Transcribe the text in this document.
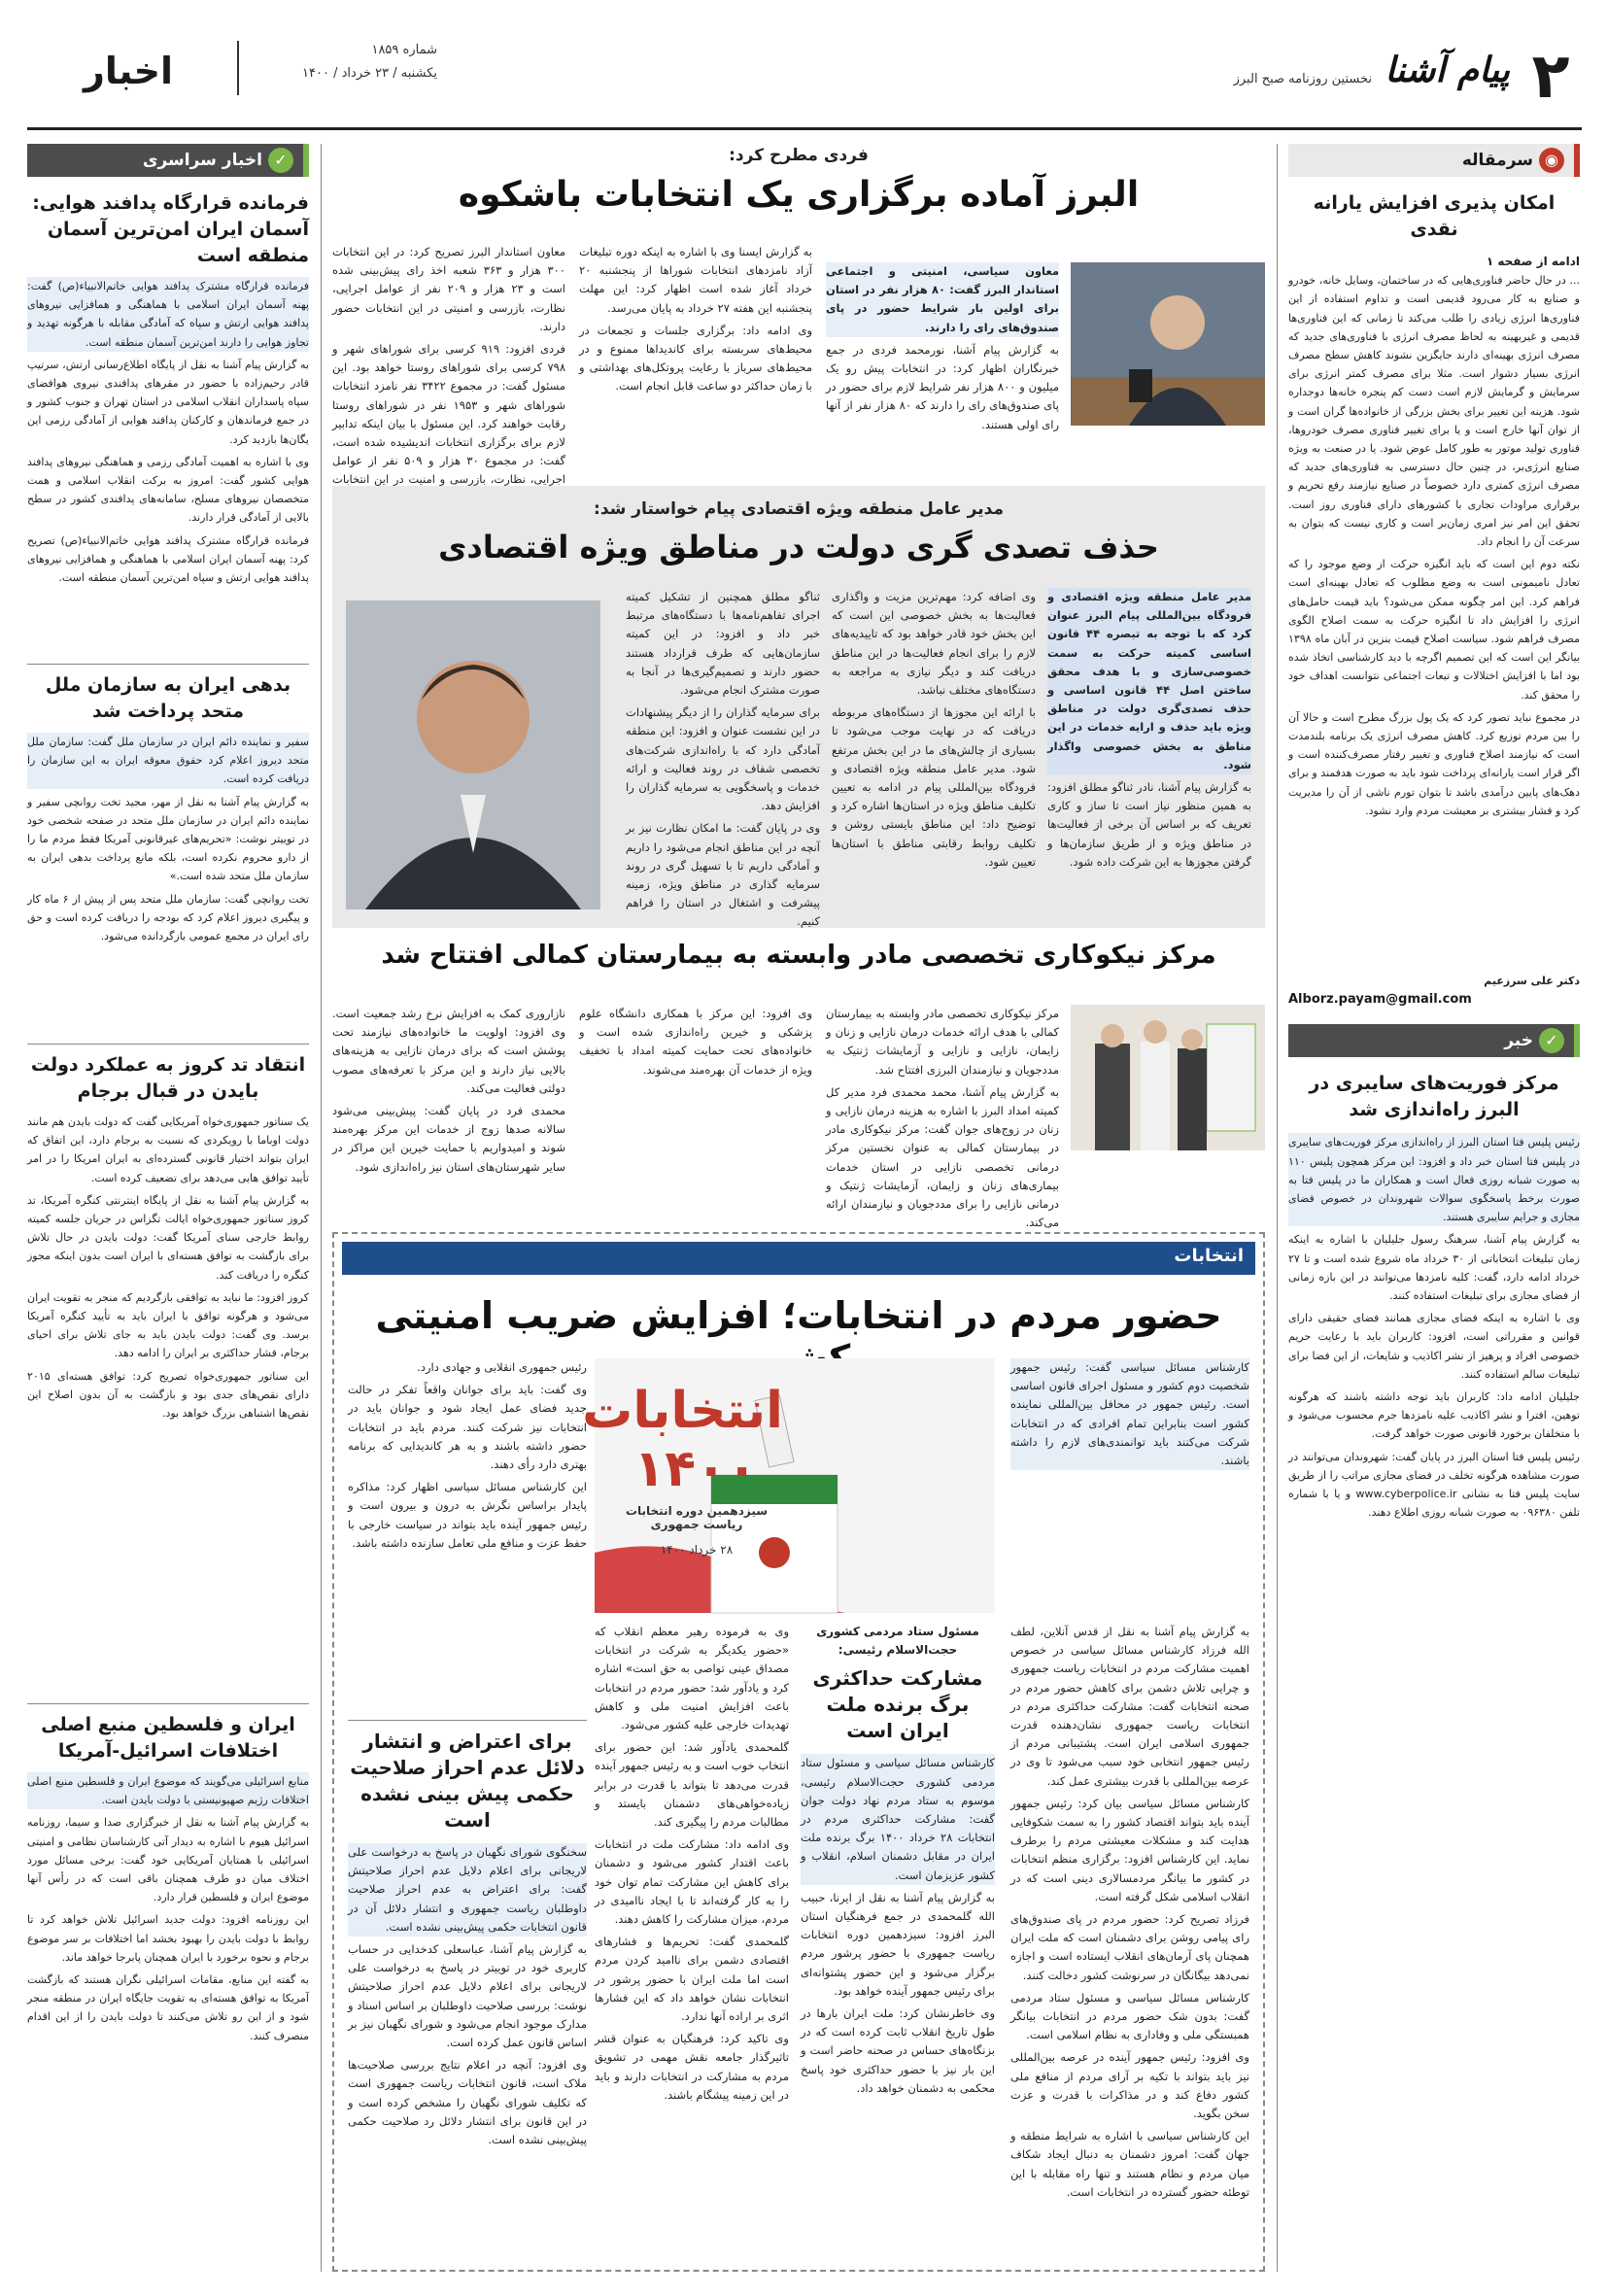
۲
پیام آشنا
نخستین روزنامه صبح البرز
شماره ۱۸۵۹
یکشنبه / ۲۳ خرداد / ۱۴۰۰
اخبار
◉سرمقاله
امکان پذیری افزایش یارانه نقدی
ادامه از صفحه ۱

... در حال حاضر فناوری‌هایی که در ساختمان، وسایل خانه، خودرو و صنایع به کار می‌رود قدیمی است و تداوم استفاده از این فناوری‌ها انرژی زیادی را طلب می‌کند تا زمانی که این فناوری‌ها قدیمی و غیربهینه به لحاظ مصرف انرژی با فناوری‌های جدید که مصرف انرژی بهینه‌ای دارند جایگزین نشوند کاهش سطح مصرف انرژی بسیار دشوار است. مثلا برای مصرف کمتر انرژی برای سرمایش و گرمایش لازم است دست کم پنجره خانه‌ها دوجداره شود. هزینه این تغییر برای بخش بزرگی از خانواده‌ها گران است و از توان آنها خارج است و یا برای تغییر فناوری مصرف خودروها، فناوری تولید موتور به طور کامل عوض شود. یا در صنعت به ویژه صنایع انرژی‌بر، در چنین حال دسترسی به فناوری‌های جدید که مصرف انرژی کمتری دارد خصوصاً در صنایع نیازمند رفع تحریم و برقراری مراودات تجاری با کشورهای دارای فناوری روز است. تحقق این امر نیز امری زمان‌بر است و کاری نیست که بتوان به سرعت آن را انجام داد.

نکته دوم این است که باید انگیزه حرکت از وضع موجود را که تعادل نامیمونی است به وضع مطلوب که تعادل بهینه‌ای است فراهم کرد. این امر چگونه ممکن می‌شود؟ باید قیمت حامل‌های انرژی را افزایش داد تا انگیزه حرکت به سمت اصلاح الگوی مصرف فراهم شود. سیاست اصلاح قیمت بنزین در آبان ماه ۱۳۹۸ بیانگر این است که این تصمیم اگرچه با دید کارشناسی اتخاذ شده بود اما با افزایش اختلالات و تبعات اجتماعی نتوانست اهداف خود را محقق کند.

در مجموع نباید تصور کرد که یک پول بزرگ مطرح است و حالا آن را بین مردم توزیع کرد. کاهش مصرف انرژی یک برنامه بلندمدت است که نیازمند اصلاح فناوری و تغییر رفتار مصرف‌کننده است و اگر قرار است یارانه‌ای پرداخت شود باید به صورت هدفمند و برای دهک‌های پایین درآمدی باشد تا بتوان تورم ناشی از آن را مدیریت کرد و فشار بیشتری بر معیشت مردم وارد نشود.

دکتر علی سرزعیم
Alborz.payam@gmail.com
✓خبر
مرکز فوریت‌های سایبری در البرز راه‌اندازی شد

رئیس پلیس فتا استان البرز از راه‌اندازی مرکز فوریت‌های سایبری در پلیس فتا استان خبر داد و افزود: این مرکز همچون پلیس ۱۱۰ به صورت شبانه روزی فعال است و همکاران ما در پلیس فتا به صورت برخط پاسخگوی سوالات شهروندان در خصوص فضای مجازی و جرایم سایبری هستند.

به گزارش پیام آشنا، سرهنگ رسول جلیلیان با اشاره به اینکه زمان تبلیغات انتخاباتی از ۳۰ خرداد ماه شروع شده است و تا ۲۷ خرداد ادامه دارد، گفت: کلیه نامزدها می‌توانند در این بازه زمانی از فضای مجازی برای تبلیغات استفاده کنند.

وی با اشاره به اینکه فضای مجازی همانند فضای حقیقی دارای قوانین و مقرراتی است، افزود: کاربران باید با رعایت حریم خصوصی افراد و پرهیز از نشر اکاذیب و شایعات، از این فضا برای تبلیغات سالم استفاده کنند.

جلیلیان ادامه داد: کاربران باید توجه داشته باشند که هرگونه توهین، افترا و نشر اکاذیب علیه نامزدها جرم محسوب می‌شود و با متخلفان برخورد قانونی صورت خواهد گرفت.

رئیس پلیس فتا استان البرز در پایان گفت: شهروندان می‌توانند در صورت مشاهده هرگونه تخلف در فضای مجازی مراتب را از طریق سایت پلیس فتا به نشانی www.cyberpolice.ir و یا با شماره تلفن ۰۹۶۳۸۰ به صورت شبانه روزی اطلاع دهند.

✓اخبار سراسری
فرمانده قرارگاه پدافند هوایی: آسمان ایران امن‌ترین آسمان منطقه است

فرمانده قرارگاه مشترک پدافند هوایی خاتم‌الانبیاء(ص) گفت: پهنه آسمان ایران اسلامی با هماهنگی و همافزایی نیروهای پدافند هوایی ارتش و سپاه که آمادگی مقابله با هرگونه تهدید و تجاوز هوایی را دارند امن‌ترین آسمان منطقه است.

به گزارش پیام آشنا به نقل از پایگاه اطلاع‌رسانی ارتش، سرتیپ قادر رحیم‌زاده با حضور در مقرهای پدافندی نیروی هوافضای سپاه پاسداران انقلاب اسلامی در استان تهران و جنوب کشور و در جمع فرماندهان و کارکنان پدافند هوایی از آمادگی رزمی این یگان‌ها بازدید کرد.

وی با اشاره به اهمیت آمادگی رزمی و هماهنگی نیروهای پدافند هوایی کشور گفت: امروز به برکت انقلاب اسلامی و همت متخصصان نیروهای مسلح، سامانه‌های پدافندی کشور در سطح بالایی از آمادگی قرار دارند.

فرمانده قرارگاه مشترک پدافند هوایی خاتم‌الانبیاء(ص) تصریح کرد: پهنه آسمان ایران اسلامی با هماهنگی و همافزایی نیروهای پدافند هوایی ارتش و سپاه امن‌ترین آسمان منطقه است.

بدهی ایران به سازمان ملل متحد پرداخت شد

سفیر و نماینده دائم ایران در سازمان ملل گفت: سازمان ملل متحد دیروز اعلام کرد حقوق معوقه ایران به این سازمان را دریافت کرده است.

به گزارش پیام آشنا به نقل از مهر، مجید تخت روانچی سفیر و نماینده دائم ایران در سازمان ملل متحد در صفحه شخصی خود در توییتر نوشت: «تحریم‌های غیرقانونی آمریکا فقط مردم ما را از دارو محروم نکرده است، بلکه مانع پرداخت بدهی ایران به سازمان ملل متحد شده است.»

تخت روانچی گفت: سازمان ملل متحد پس از پیش از ۶ ماه کار و پیگیری دیروز اعلام کرد که بودجه را دریافت کرده است و حق رای ایران در مجمع عمومی بازگردانده می‌شود.

انتقاد تد کروز به عملکرد دولت بایدن در قبال برجام

یک سناتور جمهوری‌خواه آمریکایی گفت که دولت بایدن هم مانند دولت اوباما با رویکردی که نسبت به برجام دارد، این اتفاق که ایران بتواند اختیار قانونی گسترده‌ای به ایران امریکا را در امر تأیید توافق هایی می‌دهد برای تضعیف کرده است.

به گزارش پیام آشنا به نقل از پایگاه اینترنتی کنگره آمریکا، تد کروز سناتور جمهوری‌خواه ایالت تگزاس در جریان جلسه کمیته روابط خارجی سنای آمریکا گفت: دولت بایدن در حال تلاش برای بازگشت به توافق هسته‌ای با ایران است بدون اینکه مجوز کنگره را دریافت کند.

کروز افزود: ما نباید به توافقی بازگردیم که منجر به تقویت ایران می‌شود و هرگونه توافق با ایران باید به تأیید کنگره آمریکا برسد. وی گفت: دولت بایدن باید به جای تلاش برای احیای برجام، فشار حداکثری بر ایران را ادامه دهد.

این سناتور جمهوری‌خواه تصریح کرد: توافق هسته‌ای ۲۰۱۵ دارای نقص‌های جدی بود و بازگشت به آن بدون اصلاح این نقص‌ها اشتباهی بزرگ خواهد بود.

ایران و فلسطین منبع اصلی اختلافات اسرائیل-آمریکا

منابع اسرائیلی می‌گویند که موضوع ایران و فلسطین منبع اصلی اختلافات رژیم صهیونیستی با دولت بایدن است.

به گزارش پیام آشنا به نقل از خبرگزاری صدا و سیما، روزنامه اسرائیل هیوم با اشاره به دیدار آتی کارشناسان نظامی و امنیتی اسرائیلی با همتایان آمریکایی خود گفت: برخی مسائل مورد اختلاف میان دو طرف همچنان باقی است که در رأس آنها موضوع ایران و فلسطین قرار دارد.

این روزنامه افزود: دولت جدید اسرائیل تلاش خواهد کرد تا روابط با دولت بایدن را بهبود بخشد اما اختلافات بر سر موضوع برجام و نحوه برخورد با ایران همچنان پابرجا خواهد ماند.

به گفته این منابع، مقامات اسرائیلی نگران هستند که بازگشت آمریکا به توافق هسته‌ای به تقویت جایگاه ایران در منطقه منجر شود و از این رو تلاش می‌کنند تا دولت بایدن را از این اقدام منصرف کنند.

فردی مطرح کرد:
البرز آماده برگزاری یک انتخابات باشکوه

معاون سیاسی، امنیتی و اجتماعی استاندار البرز گفت: ۸۰ هزار نفر در استان برای اولین بار شرایط حضور در پای صندوق‌های رای را دارند.

به گزارش پیام آشنا، نورمحمد فردی در جمع خبرنگاران اظهار کرد: در انتخابات پیش رو یک میلیون و ۸۰۰ هزار نفر شرایط لازم برای حضور در پای صندوق‌های رای را دارند که ۸۰ هزار نفر از آنها رای اولی هستند.

به گزارش ایسنا وی با اشاره به اینکه دوره تبلیغات آزاد نامزدهای انتخابات شوراها از پنجشنبه ۲۰ خرداد آغاز شده است اظهار کرد: این مهلت پنجشنبه این هفته ۲۷ خرداد به پایان می‌رسد.

وی ادامه داد: برگزاری جلسات و تجمعات در محیط‌های سربسته برای کاندیداها ممنوع و در محیط‌های سرباز با رعایت پروتکل‌های بهداشتی و با زمان حداکثر دو ساعت قابل انجام است.

معاون استاندار البرز تصریح کرد: در این انتخابات ۳۰۰ هزار و ۳۶۳ شعبه اخذ رای پیش‌بینی شده است و ۲۳ هزار و ۲۰۹ نفر از عوامل اجرایی، نظارت، بازرسی و امنیتی در این انتخابات حضور دارند.

فردی افزود: ۹۱۹ کرسی برای شوراهای شهر و ۷۹۸ کرسی برای شوراهای روستا خواهد بود. این مسئول گفت: در مجموع ۳۴۲۲ نفر نامزد انتخابات شوراهای شهر و ۱۹۵۳ نفر در شوراهای روستا رقابت خواهند کرد. این مسئول با بیان اینکه تدابیر لازم برای برگزاری انتخابات اندیشیده شده است، گفت: در مجموع ۳۰ هزار و ۵۰۹ نفر از عوامل اجرایی، نظارت، بازرسی و امنیت در این انتخابات

مدیر عامل منطقه ویژه اقتصادی پیام خواستار شد:
حذف تصدی گری دولت در مناطق ویژه اقتصادی

مدیر عامل منطقه ویژه اقتصادی و فرودگاه بین‌المللی پیام البرز عنوان کرد که با توجه به تبصره ۴۴ قانون اساسی کمیته حرکت به سمت خصوصی‌سازی و با هدف محقق ساختن اصل ۴۴ قانون اساسی و حذف تصدی‌گری دولت در مناطق ویژه باید حذف و ارایه خدمات در این مناطق به بخش خصوصی واگذار شود.

به گزارش پیام آشنا، نادر ثناگو مطلق افزود: به همین منظور نیاز است تا ساز و کاری تعریف که بر اساس آن برخی از فعالیت‌ها در مناطق ویژه و از طریق سازمان‌ها و گرفتن مجوزها به این شرکت داده شود.

وی اضافه کرد: مهم‌ترین مزیت و واگذاری فعالیت‌ها به بخش خصوصی این است که این بخش خود قادر خواهد بود که تاییدیه‌های لازم را برای انجام فعالیت‌ها در این مناطق دریافت کند و دیگر نیازی به مراجعه به دستگاه‌های مختلف نباشد.

با ارائه این مجوزها از دستگاه‌های مربوطه دریافت که در نهایت موجب می‌شود تا بسیاری از چالش‌های ما در این بخش مرتفع شود. مدیر عامل منطقه ویژه اقتصادی و فرودگاه بین‌المللی پیام در ادامه به تعیین تکلیف مناطق ویژه در استان‌ها اشاره کرد و توضیح داد: این مناطق بایستی روشن و تکلیف روابط رقابتی مناطق با استان‌ها تعیین شود.

ثناگو مطلق همچنین از تشکیل کمیته اجرای تفاهم‌نامه‌ها با دستگاه‌های مرتبط خبر داد و افزود: در این کمیته سازمان‌هایی که طرف قرارداد هستند حضور دارند و تصمیم‌گیری‌ها در آنجا به صورت مشترک انجام می‌شود.

برای سرمایه گذاران را از دیگر پیشنهادات در این نشست عنوان و افزود: این منطقه آمادگی دارد که با راه‌اندازی شرکت‌های تخصصی شفاف در روند فعالیت و ارائه خدمات و پاسخگویی به سرمایه گذاران را افزایش دهد.

وی در پایان گفت: ما امکان نظارت نیز بر آنچه در این مناطق انجام می‌شود را داریم و آمادگی داریم تا با تسهیل گری در روند سرمایه گذاری در مناطق ویژه، زمینه پیشرفت و اشتغال در استان را فراهم کنیم.

مرکز نیکوکاری تخصصی مادر وابسته به بیمارستان کمالی افتتاح شد

مرکز نیکوکاری تخصصی مادر وابسته به بیمارستان کمالی با هدف ارائه خدمات درمان نازایی و زنان و زایمان، نازایی و نازایی و آزمایشات ژنتیک به مددجویان و نیازمندان البرزی افتتاح شد.

به گزارش پیام آشنا، محمد محمدی فرد مدیر کل کمیته امداد البرز با اشاره به هزینه درمان نازایی و زنان در زوج‌های جوان گفت: مرکز نیکوکاری مادر در بیمارستان کمالی به عنوان نخستین مرکز درمانی تخصصی نازایی در استان خدمات بیماری‌های زنان و زایمان، آزمایشات ژنتیک و درمانی نازایی را برای مددجویان و نیازمندان ارائه می‌کند.

وی افزود: این مرکز با همکاری دانشگاه علوم پزشکی و خیرین راه‌اندازی شده است و خانواده‌های تحت حمایت کمیته امداد با تخفیف ویژه از خدمات آن بهره‌مند می‌شوند.

نازاروری کمک به افزایش نرخ رشد جمعیت است. وی افزود: اولویت ما خانواده‌های نیازمند تحت پوشش است که برای درمان نازایی به هزینه‌های بالایی نیاز دارند و این مرکز با تعرفه‌های مصوب دولتی فعالیت می‌کند.

محمدی فرد در پایان گفت: پیش‌بینی می‌شود سالانه صدها زوج از خدمات این مرکز بهره‌مند شوند و امیدواریم با حمایت خیرین این مراکز در سایر شهرستان‌های استان نیز راه‌اندازی شود.

انتخابات
حضور مردم در انتخابات؛ افزایش ضریب امنیتی

کارشناس مسائل سیاسی گفت: رئیس جمهور شخصیت دوم کشور و مسئول اجرای قانون اساسی است. رئیس جمهور در محافل بین‌المللی نماینده کشور است بنابراین تمام افرادی که در انتخابات شرکت می‌کنند باید توانمندی‌های لازم را داشته باشند.

انتخابات ۱۴۰۰
سیزدهمین دوره انتخابات ریاست جمهوری
۲۸ خرداد ۱۴۰۰

رئیس جمهوری انقلابی و جهادی دارد.

وی گفت: باید برای جوانان واقعاً تفکر در حالت جدید فضای عمل ایجاد شود و جوانان باید در انتخابات نیز شرکت کنند. مردم باید در انتخابات حضور داشته باشند و به هر کاندیدایی که برنامه بهتری دارد رأی دهند.

این کارشناس مسائل سیاسی اظهار کرد: مذاکره پایدار براساس نگرش به درون و بیرون است و رئیس جمهور آینده باید بتواند در سیاست خارجی با حفظ عزت و منافع ملی تعامل سازنده داشته باشد.

به گزارش پیام آشنا به نقل از قدس آنلاین، لطف الله فرزاد کارشناس مسائل سیاسی در خصوص اهمیت مشارکت مردم در انتخابات ریاست جمهوری و چرایی تلاش دشمن برای کاهش حضور مردم در صحنه انتخابات گفت: مشارکت حداکثری مردم در انتخابات ریاست جمهوری نشان‌دهنده قدرت جمهوری اسلامی ایران است. پشتیبانی مردم از رئیس جمهور انتخابی خود سبب می‌شود تا وی در عرصه بین‌المللی با قدرت بیشتری عمل کند.

کارشناس مسائل سیاسی بیان کرد: رئیس جمهور آینده باید بتواند اقتصاد کشور را به سمت شکوفایی هدایت کند و مشکلات معیشتی مردم را برطرف نماید. این کارشناس افزود: برگزاری منظم انتخابات در کشور ما بیانگر مردمسالاری دینی است که در انقلاب اسلامی شکل گرفته است.

فرزاد تصریح کرد: حضور مردم در پای صندوق‌های رای پیامی روشن برای دشمنان است که ملت ایران همچنان پای آرمان‌های انقلاب ایستاده است و اجازه نمی‌دهد بیگانگان در سرنوشت کشور دخالت کنند.

کارشناس مسائل سیاسی و مسئول ستاد مردمی گفت: بدون شک حضور مردم در انتخابات بیانگر همبستگی ملی و وفاداری به نظام اسلامی است.

وی افزود: رئیس جمهور آینده در عرصه بین‌المللی نیز باید بتواند با تکیه بر آرای مردم از منافع ملی کشور دفاع کند و در مذاکرات با قدرت و عزت سخن بگوید.

این کارشناس سیاسی با اشاره به شرایط منطقه و جهان گفت: امروز دشمنان به دنبال ایجاد شکاف میان مردم و نظام هستند و تنها راه مقابله با این توطئه حضور گسترده در انتخابات است.

مسئول ستاد مردمی کشوری حجت‌الاسلام رئیسی:
مشارکت حداکثری برگ برنده ملت ایران است

کارشناس مسائل سیاسی و مسئول ستاد مردمی کشوری حجت‌الاسلام رئیسی، موسوم به ستاد مردم نهاد دولت جوان گفت: مشارکت حداکثری مردم در انتخابات ۲۸ خرداد ۱۴۰۰ برگ برنده ملت ایران در مقابل دشمنان اسلام، انقلاب و کشور عزیزمان است.

به گزارش پیام آشنا به نقل از ایرنا، حبیب الله گلمحمدی در جمع فرهنگیان استان البرز افزود: سیزدهمین دوره انتخابات ریاست جمهوری با حضور پرشور مردم برگزار می‌شود و این حضور پشتوانه‌ای برای رئیس جمهور آینده خواهد بود.

وی خاطرنشان کرد: ملت ایران بارها در طول تاریخ انقلاب ثابت کرده است که در بزنگاه‌های حساس در صحنه حاضر است و این بار نیز با حضور حداکثری خود پاسخ محکمی به دشمنان خواهد داد.

وی به فرموده رهبر معظم انقلاب که «حضور یکدیگر به شرکت در انتخابات مصداق عینی تواصی به حق است» اشاره کرد و یادآور شد: حضور مردم در انتخابات باعث افزایش امنیت ملی و کاهش تهدیدات خارجی علیه کشور می‌شود.

گلمحمدی یادآور شد: این حضور برای انتخاب خوب است و به رئیس جمهور آینده قدرت می‌دهد تا بتواند با قدرت در برابر زیاده‌خواهی‌های دشمنان بایستد و مطالبات مردم را پیگیری کند.

وی ادامه داد: مشارکت ملت در انتخابات باعث اقتدار کشور می‌شود و دشمنان برای کاهش این مشارکت تمام توان خود را به کار گرفته‌اند تا با ایجاد ناامیدی در مردم، میزان مشارکت را کاهش دهند.

گلمحمدی گفت: تحریم‌ها و فشارهای اقتصادی دشمن برای ناامید کردن مردم است اما ملت ایران با حضور پرشور در انتخابات نشان خواهد داد که این فشارها اثری بر اراده آنها ندارد.

وی تاکید کرد: فرهنگیان به عنوان قشر تاثیرگذار جامعه نقش مهمی در تشویق مردم به مشارکت در انتخابات دارند و باید در این زمینه پیشگام باشند.

برای اعتراض و انتشار دلائل عدم احراز صلاحیت حکمی پیش بینی نشده است

سخنگوی شورای نگهبان در پاسخ به درخواست علی لاریجانی برای اعلام دلایل عدم احراز صلاحیتش گفت: برای اعتراض به عدم احراز صلاحیت داوطلبان ریاست جمهوری و انتشار دلائل آن در قانون انتخابات حکمی پیش‌بینی نشده است.

به گزارش پیام آشنا، عباسعلی کدخدایی در حساب کاربری خود در توییتر در پاسخ به درخواست علی لاریجانی برای اعلام دلایل عدم احراز صلاحیتش نوشت: بررسی صلاحیت داوطلبان بر اساس اسناد و مدارک موجود انجام می‌شود و شورای نگهبان نیز بر اساس قانون عمل کرده است.

وی افزود: آنچه در اعلام نتایج بررسی صلاحیت‌ها ملاک است، قانون انتخابات ریاست جمهوری است که تکلیف شورای نگهبان را مشخص کرده است و در این قانون برای انتشار دلائل رد صلاحیت حکمی پیش‌بینی نشده است.
